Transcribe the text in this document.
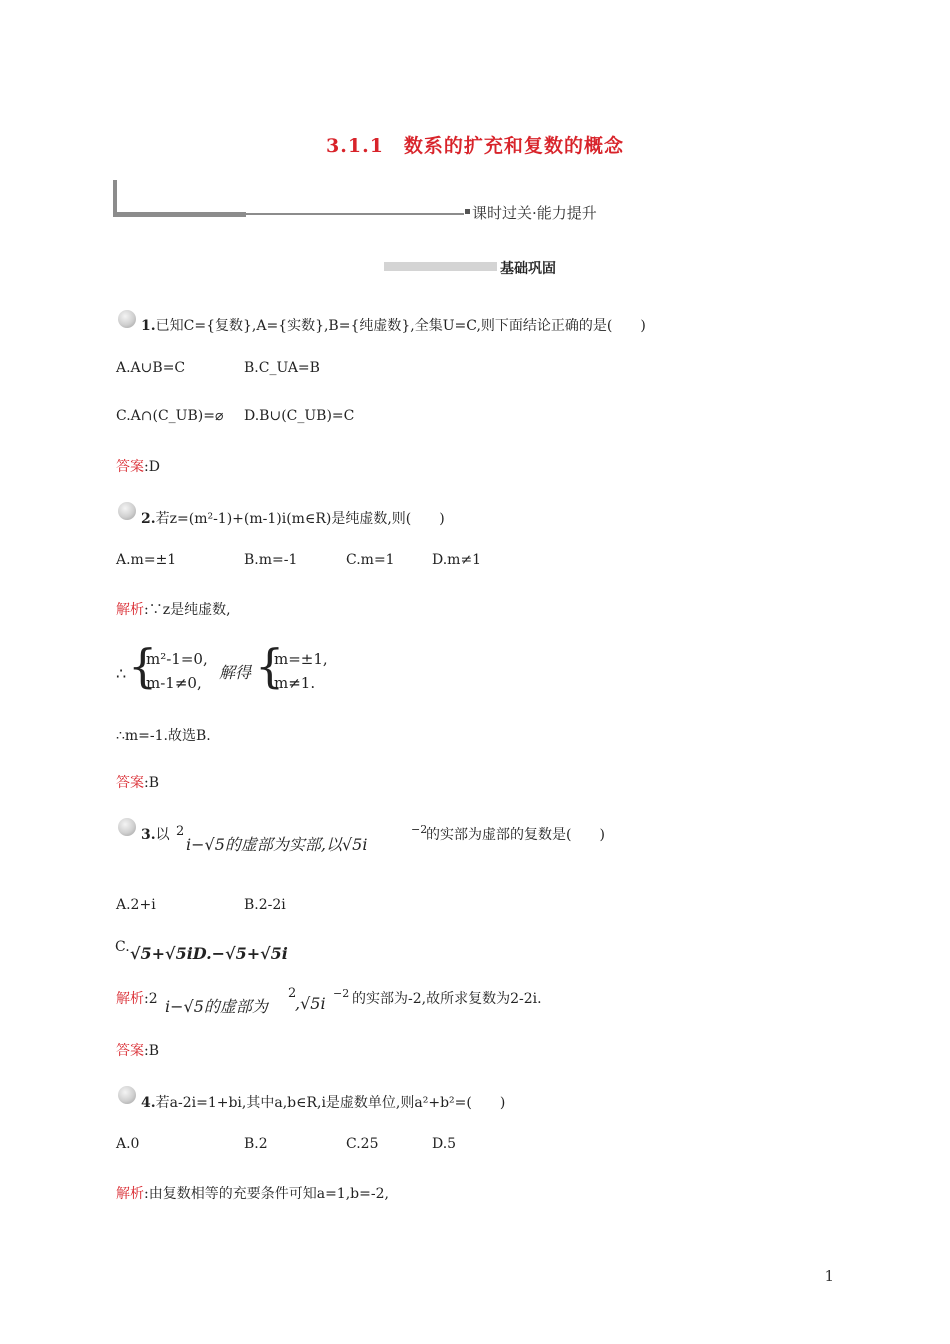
3.1.1　数系的扩充和复数的概念
课时过关·能力提升
基础巩固
1.已知C={复数},A={实数},B={纯虚数},全集U=C,则下面结论正确的是(　　)
A.A∪B=C	B.C_UA=B
C.A∩(C_UB)=⌀ D.B∪(C_UB)=C
答案:D
2.若z=(m²-1)+(m-1)i(m∈R)是纯虚数,则(　　)
A.m=±1	B.m=-1	C.m=1	D.m≠1
解析:∵z是纯虚数,
∴ {
m²-1=0,
m-1≠0,
解得 {
m=±1,
m≠1.
∴m=-1.故选B.
答案:B
3.以 2
i−√5的虚部为实部,以√5i
−2
的实部为虚部的复数是(　　)
A.2+i	B.2-2i
C. √5+√5iD.−√5+√5i
解析:2 i−√5的虚部为
2
,√5i
−2 的实部为-2,故所求复数为2-2i.
答案:B
4.若a-2i=1+bi,其中a,b∈R,i是虚数单位,则a²+b²=(　　)
A.0	B.2	C.25	D.5
解析:由复数相等的充要条件可知a=1,b=-2,
1
